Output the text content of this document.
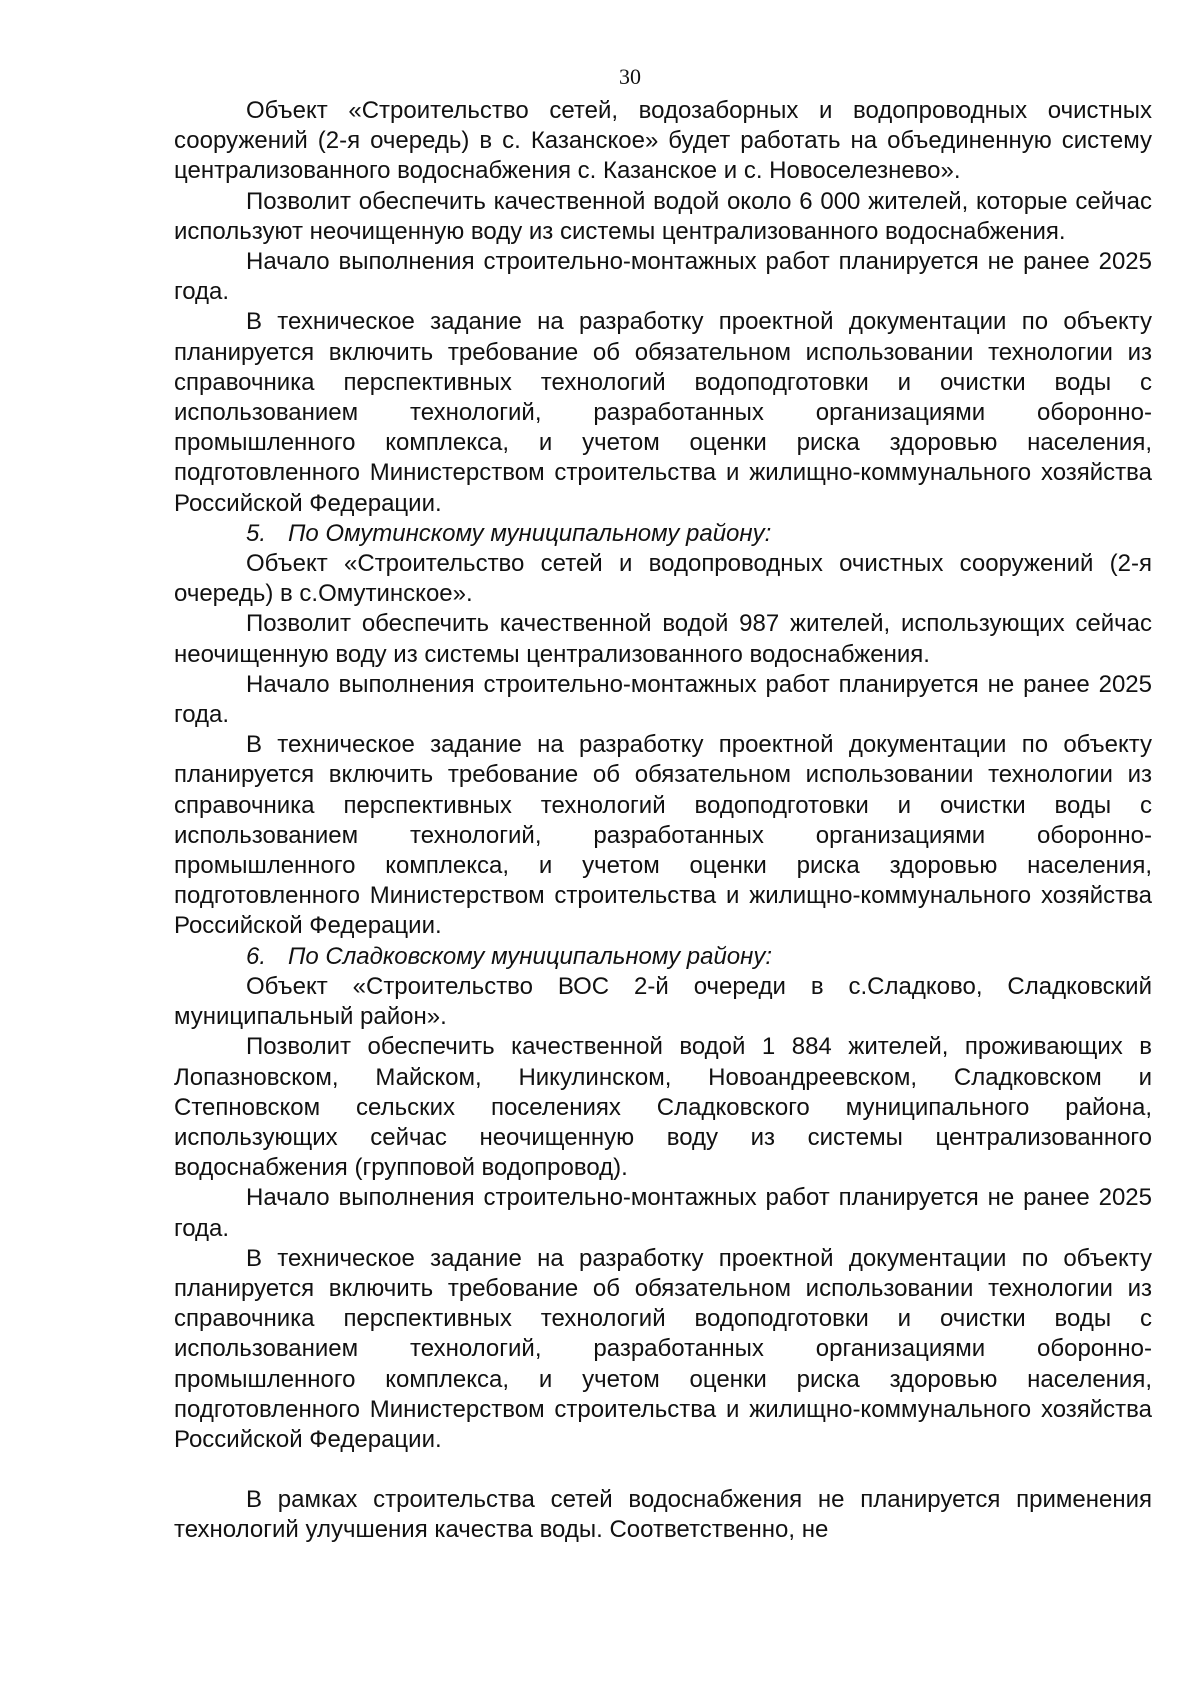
30

Объект «Строительство сетей, водозаборных и водопроводных очистных сооружений (2-я очередь) в с. Казанское» будет работать на объединенную систему централизованного водоснабжения с. Казанское и с. Новоселезнево».

Позволит обеспечить качественной водой около 6 000 жителей, которые сейчас используют неочищенную воду из системы централизованного водоснабжения.

Начало выполнения строительно-монтажных работ планируется не ранее 2025 года.

В техническое задание на разработку проектной документации по объекту планируется включить требование об обязательном использовании технологии из справочника перспективных технологий водоподготовки и очистки воды с использованием технологий, разработанных организациями оборонно-промышленного комплекса, и учетом оценки риска здоровью населения, подготовленного Министерством строительства и жилищно-коммунального хозяйства Российской Федерации.

5. По Омутинскому муниципальному району:

Объект «Строительство сетей и водопроводных очистных сооружений (2-я очередь) в с.Омутинское».

Позволит обеспечить качественной водой 987 жителей, использующих сейчас неочищенную воду из системы централизованного водоснабжения.

Начало выполнения строительно-монтажных работ планируется не ранее 2025 года.

В техническое задание на разработку проектной документации по объекту планируется включить требование об обязательном использовании технологии из справочника перспективных технологий водоподготовки и очистки воды с использованием технологий, разработанных организациями оборонно-промышленного комплекса, и учетом оценки риска здоровью населения, подготовленного Министерством строительства и жилищно-коммунального хозяйства Российской Федерации.

6. По Сладковскому муниципальному району:

Объект «Строительство ВОС 2-й очереди в с.Сладково, Сладковский муниципальный район».

Позволит обеспечить качественной водой 1 884 жителей, проживающих в Лопазновском, Майском, Никулинском, Новоандреевском, Сладковском и Степновском сельских поселениях Сладковского муниципального района, использующих сейчас неочищенную воду из системы централизованного водоснабжения (групповой водопровод).

Начало выполнения строительно-монтажных работ планируется не ранее 2025 года.

В техническое задание на разработку проектной документации по объекту планируется включить требование об обязательном использовании технологии из справочника перспективных технологий водоподготовки и очистки воды с использованием технологий, разработанных организациями оборонно-промышленного комплекса, и учетом оценки риска здоровью населения, подготовленного Министерством строительства и жилищно-коммунального хозяйства Российской Федерации.

В рамках строительства сетей водоснабжения не планируется применения технологий улучшения качества воды. Соответственно, не
